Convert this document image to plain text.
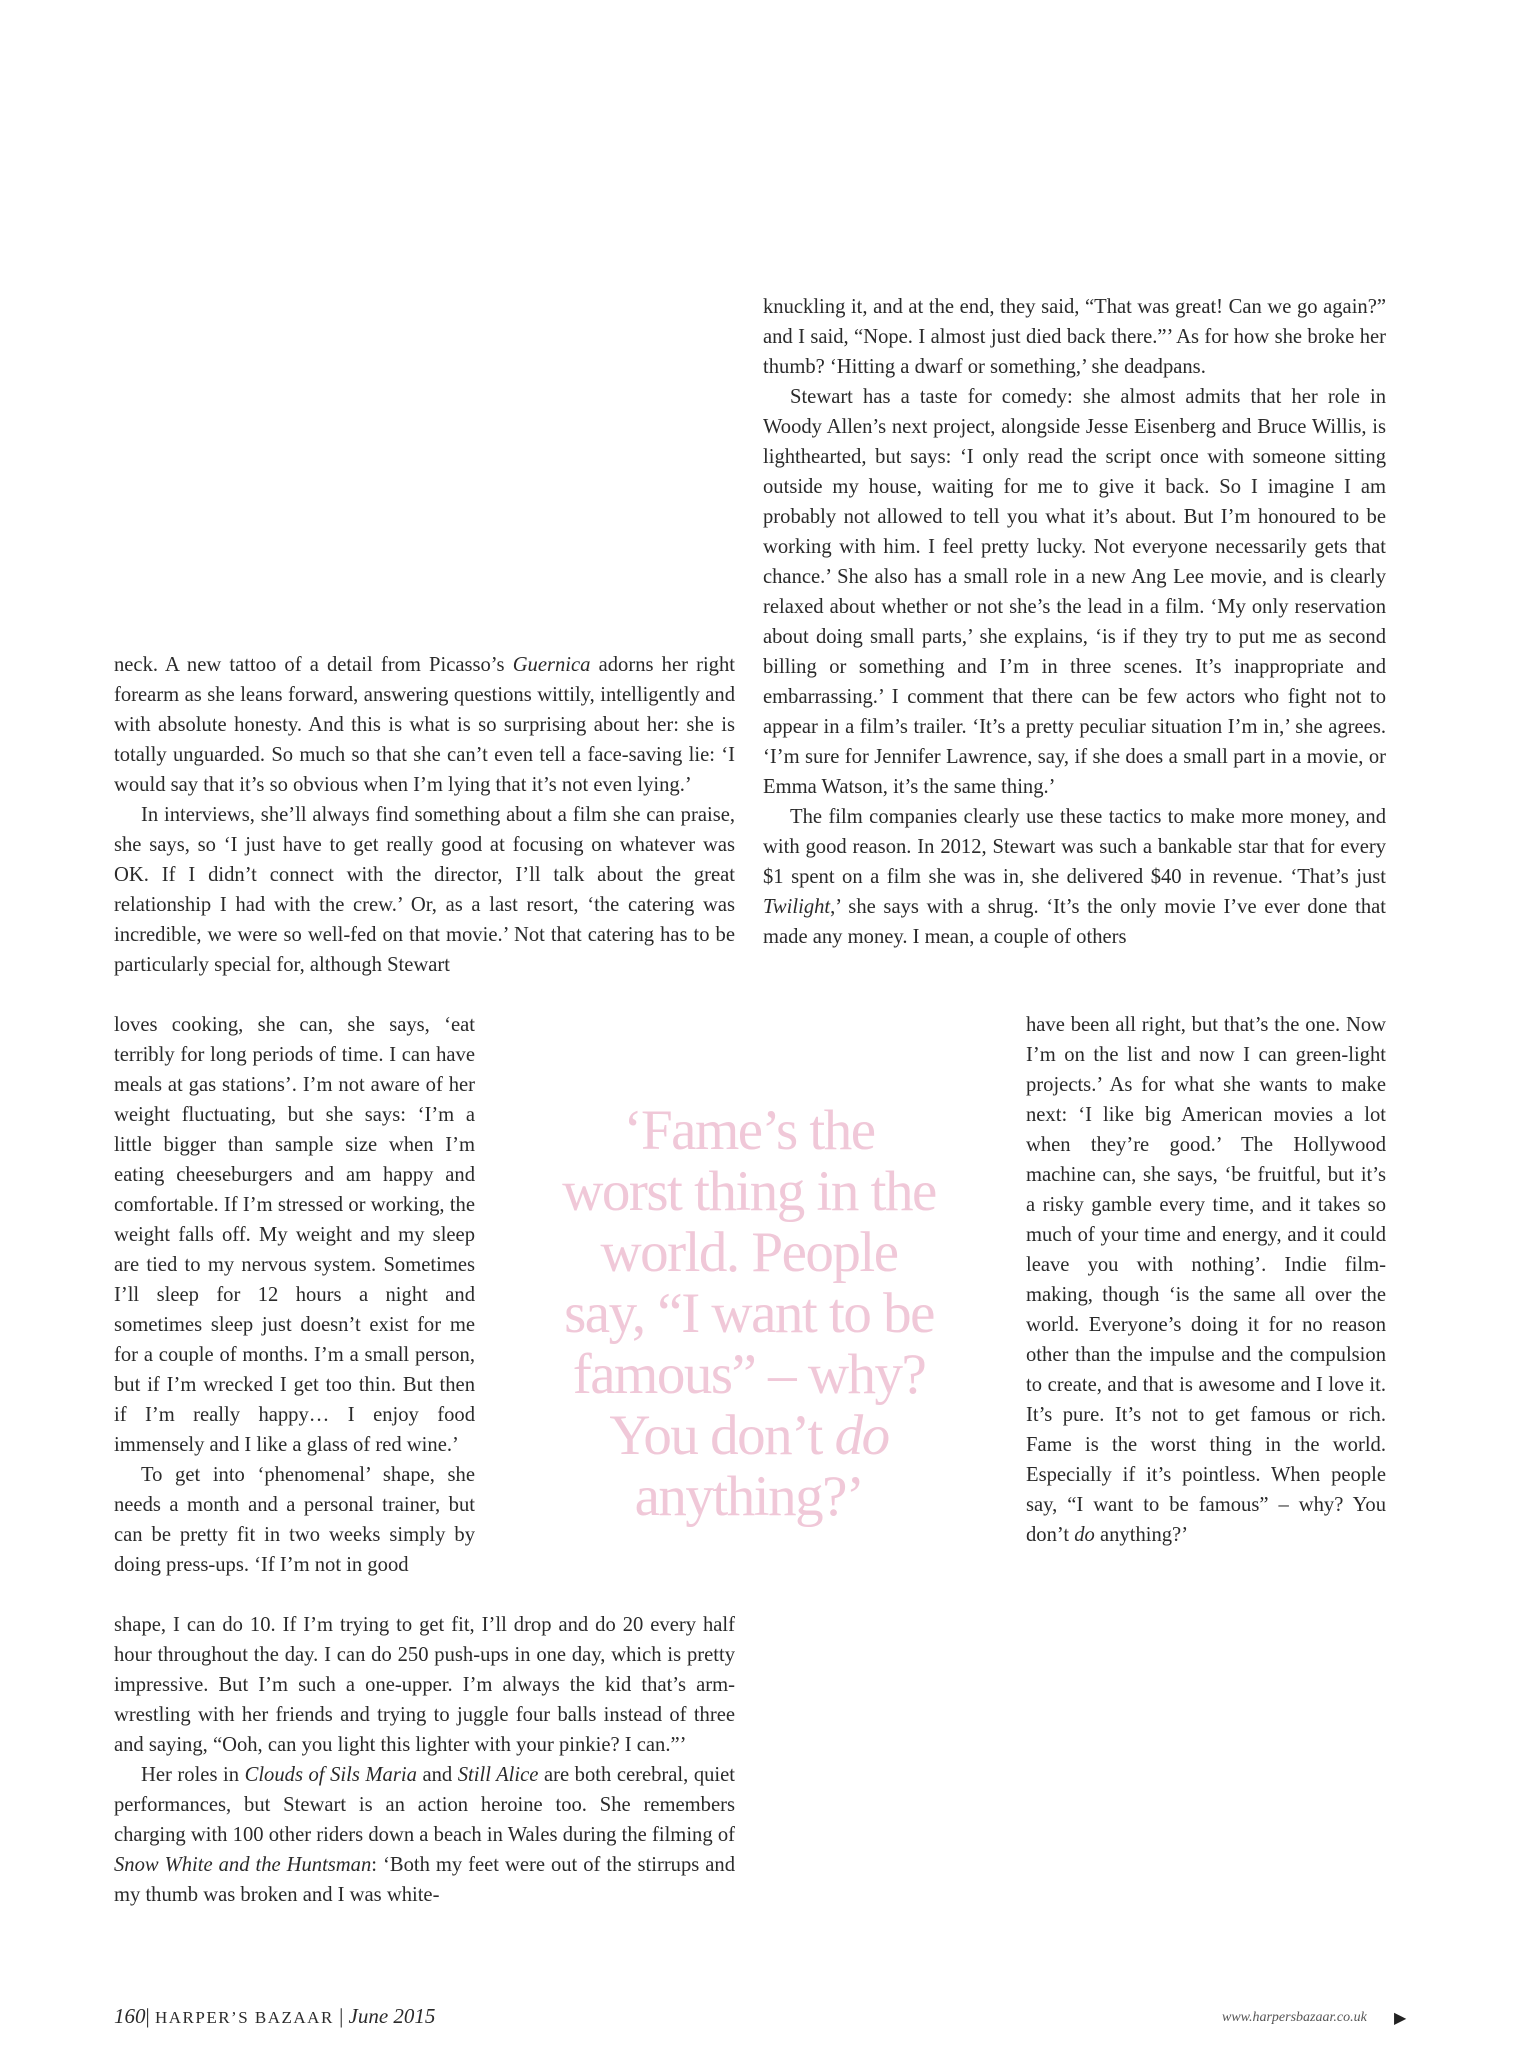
neck. A new tattoo of a detail from Picasso’s Guernica adorns her right forearm as she leans forward, answering questions wittily, intelligently and with absolute honesty. And this is what is so surprising about her: she is totally unguarded. So much so that she can’t even tell a face-saving lie: ‘I would say that it’s so obvious when I’m lying that it’s not even lying.’

In interviews, she’ll always find something about a film she can praise, she says, so ‘I just have to get really good at focusing on whatever was OK. If I didn’t connect with the director, I’ll talk about the great relationship I had with the crew.’ Or, as a last resort, ‘the catering was incredible, we were so well-fed on that movie.’ Not that catering has to be particularly special for, although Stewart

loves cooking, she can, she says, ‘eat terribly for long periods of time. I can have meals at gas stations’. I’m not aware of her weight fluctuating, but she says: ‘I’m a little bigger than sample size when I’m eating cheeseburgers and am happy and comfortable. If I’m stressed or working, the weight falls off. My weight and my sleep are tied to my nervous system. Sometimes I’ll sleep for 12 hours a night and sometimes sleep just doesn’t exist for me for a couple of months. I’m a small person, but if I’m wrecked I get too thin. But then if I’m really happy… I enjoy food immensely and I like a glass of red wine.’

To get into ‘phenomenal’ shape, she needs a month and a personal trainer, but can be pretty fit in two weeks simply by doing press-ups. ‘If I’m not in good

shape, I can do 10. If I’m trying to get fit, I’ll drop and do 20 every half hour throughout the day. I can do 250 push-ups in one day, which is pretty impressive. But I’m such a one-upper. I’m always the kid that’s arm-wrestling with her friends and trying to juggle four balls instead of three and saying, “Ooh, can you light this lighter with your pinkie? I can.”’

Her roles in Clouds of Sils Maria and Still Alice are both cerebral, quiet performances, but Stewart is an action heroine too. She remembers charging with 100 other riders down a beach in Wales during the filming of Snow White and the Huntsman: ‘Both my feet were out of the stirrups and my thumb was broken and I was white-

knuckling it, and at the end, they said, “That was great! Can we go again?” and I said, “Nope. I almost just died back there.”’ As for how she broke her thumb? ‘Hitting a dwarf or something,’ she deadpans.

Stewart has a taste for comedy: she almost admits that her role in Woody Allen’s next project, alongside Jesse Eisenberg and Bruce Willis, is lighthearted, but says: ‘I only read the script once with someone sitting outside my house, waiting for me to give it back. So I imagine I am probably not allowed to tell you what it’s about. But I’m honoured to be working with him. I feel pretty lucky. Not everyone necessarily gets that chance.’ She also has a small role in a new Ang Lee movie, and is clearly relaxed about whether or not she’s the lead in a film. ‘My only reservation about doing small parts,’ she explains, ‘is if they try to put me as second billing or something and I’m in three scenes. It’s inappropriate and embarrassing.’ I comment that there can be few actors who fight not to appear in a film’s trailer. ‘It’s a pretty peculiar situation I’m in,’ she agrees. ‘I’m sure for Jennifer Lawrence, say, if she does a small part in a movie, or Emma Watson, it’s the same thing.’

The film companies clearly use these tactics to make more money, and with good reason. In 2012, Stewart was such a bankable star that for every $1 spent on a film she was in, she delivered $40 in revenue. ‘That’s just Twilight,’ she says with a shrug. ‘It’s the only movie I’ve ever done that made any money. I mean, a couple of others

have been all right, but that’s the one. Now I’m on the list and now I can green-light projects.’ As for what she wants to make next: ‘I like big American movies a lot when they’re good.’ The Hollywood machine can, she says, ‘be fruitful, but it’s a risky gamble every time, and it takes so much of your time and energy, and it could leave you with nothing’. Indie film-making, though ‘is the same all over the world. Everyone’s doing it for no reason other than the impulse and the compulsion to create, and that is awesome and I love it. It’s pure. It’s not to get famous or rich. Fame is the worst thing in the world. Especially if it’s pointless. When people say, “I want to be famous” – why? You don’t do anything?’

‘Fame’s the worst thing in the world. People say, “I want to be famous” – why? You don’t do anything?’
160| HARPER’S BAZAAR | June 2015	www.harpersbazaar.co.uk ▶
